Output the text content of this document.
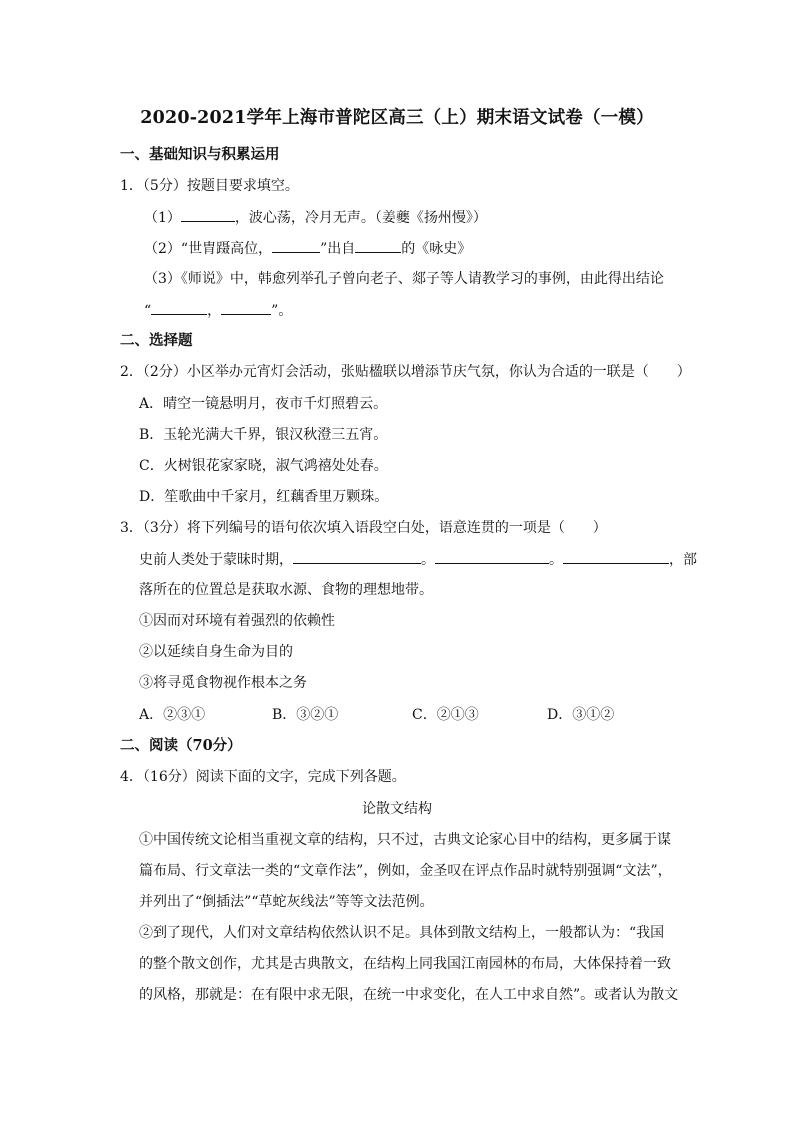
2020-2021学年上海市普陀区高三（上）期末语文试卷（一模）
一、基础知识与积累运用
1．（5分）按题目要求填空。
（1）	，波心荡，冷月无声。（姜夔《扬州慢》）
（2）“世胄蹑高位，	”出自	的《咏史》
（3）《师说》中，韩愈列举孔子曾向老子、郯子等人请教学习的事例，由此得出结论
“	，	”。
二、选择题
2．（2分）小区举办元宵灯会活动，张贴楹联以增添节庆气氛，你认为合适的一联是（　　）
A．晴空一镜悬明月，夜市千灯照碧云。
B．玉轮光满大千界，银汉秋澄三五宵。
C．火树银花家家晓，淑气鸿禧处处春。
D．笙歌曲中千家月，红藕香里万颗珠。
3．（3分）将下列编号的语句依次填入语段空白处，语意连贯的一项是（　　）
史前人类处于蒙昧时期，	。	。	，部
落所在的位置总是获取水源、食物的理想地带。
①因而对环境有着强烈的依赖性
②以延续自身生命为目的
③将寻觅食物视作根本之务
A．②③①	B．③②①	C．②①③	D．③①②
二、阅读（70分）
4．（16分）阅读下面的文字，完成下列各题。
论散文结构
①中国传统文论相当重视文章的结构，只不过，古典文论家心目中的结构，更多属于谋
篇布局、行文章法一类的“文章作法”，例如，金圣叹在评点作品时就特别强调“文法”，
并列出了“倒插法”“草蛇灰线法”等等文法范例。
②到了现代，人们对文章结构依然认识不足。具体到散文结构上，一般都认为：“我国
的整个散文创作，尤其是古典散文，在结构上同我国江南园林的布局，大体保持着一致
的风格，那就是：在有限中求无限，在统一中求变化，在人工中求自然”。或者认为散文
